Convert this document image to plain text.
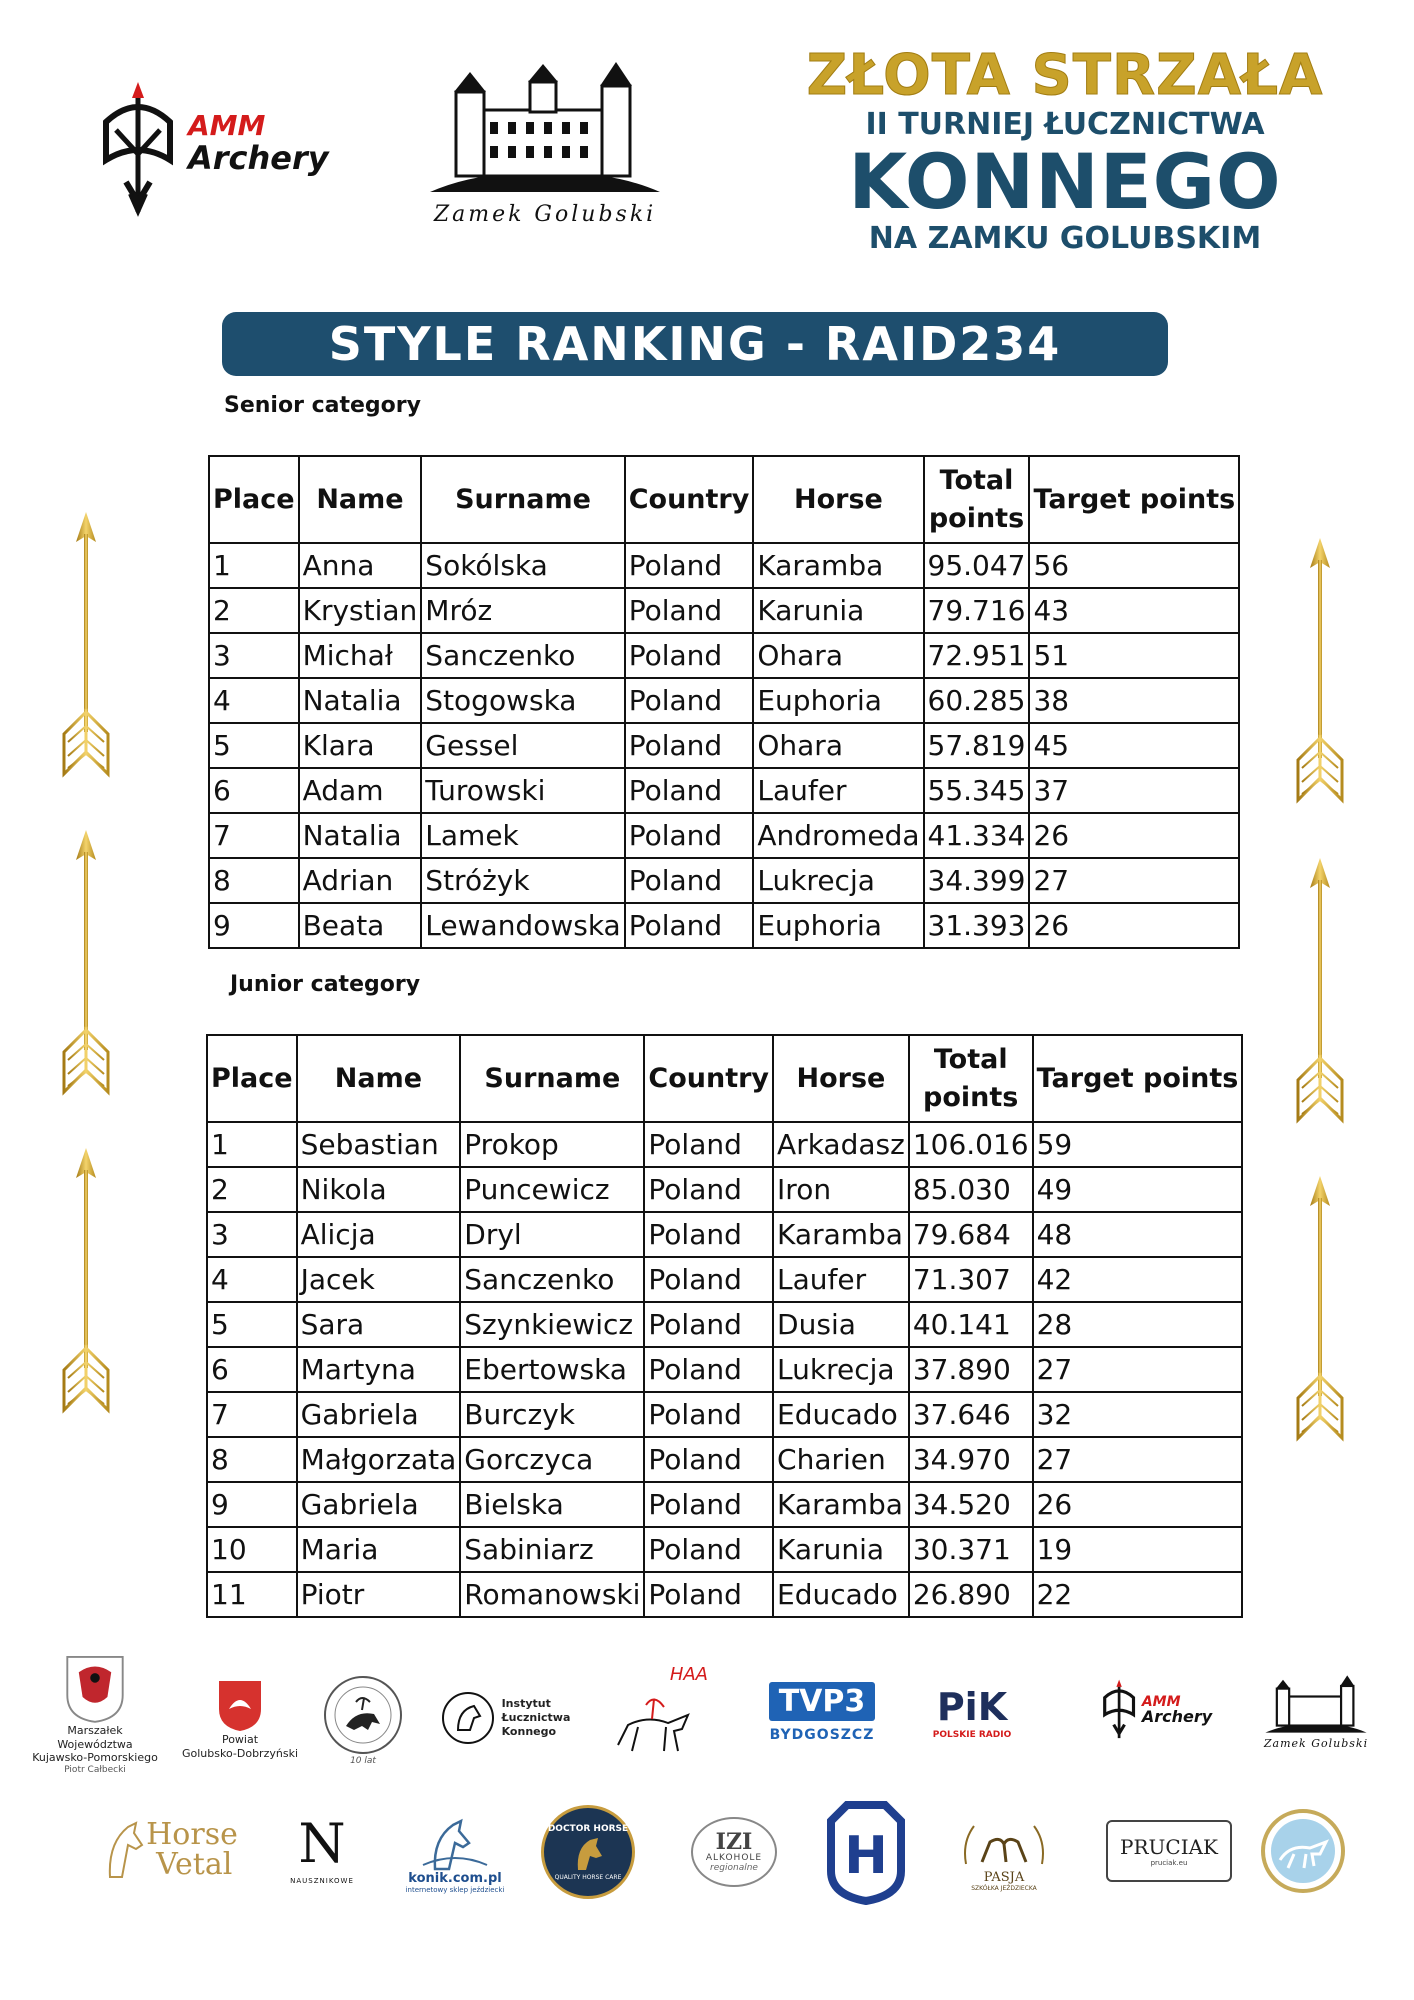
AMM
Archery
Zamek Golubski
ZŁOTA STRZAŁA
II TURNIEJ ŁUCZNICTWA
KONNEGO
NA ZAMKU GOLUBSKIM
STYLE RANKING - RAID234
Senior category
Place	Name	Surname	Country	Horse	Total points	Target points
1	Anna	Sokólska	Poland	Karamba	95.047	56
2	Krystian	Mróz	Poland	Karunia	79.716	43
3	Michał	Sanczenko	Poland	Ohara	72.951	51
4	Natalia	Stogowska	Poland	Euphoria	60.285	38
5	Klara	Gessel	Poland	Ohara	57.819	45
6	Adam	Turowski	Poland	Laufer	55.345	37
7	Natalia	Lamek	Poland	Andromeda	41.334	26
8	Adrian	Stróżyk	Poland	Lukrecja	34.399	27
9	Beata	Lewandowska	Poland	Euphoria	31.393	26
Junior category
Place	Name	Surname	Country	Horse	Total points	Target points
1	Sebastian	Prokop	Poland	Arkadasz	106.016	59
2	Nikola	Puncewicz	Poland	Iron	85.030	49
3	Alicja	Dryl	Poland	Karamba	79.684	48
4	Jacek	Sanczenko	Poland	Laufer	71.307	42
5	Sara	Szynkiewicz	Poland	Dusia	40.141	28
6	Martyna	Ebertowska	Poland	Lukrecja	37.890	27
7	Gabriela	Burczyk	Poland	Educado	37.646	32
8	Małgorzata	Gorczyca	Poland	Charien	34.970	27
9	Gabriela	Bielska	Poland	Karamba	34.520	26
10	Maria	Sabiniarz	Poland	Karunia	30.371	19
11	Piotr	Romanowski	Poland	Educado	26.890	22
Marszałek Województwa
Kujawsko-Pomorskiego
Piotr Całbecki
Powiat
Golubsko-Dobrzyński
10 lat
Instytut
Łucznictwa
Konnego
HAA
TVP3
BYDGOSZCZ
PiK
POLSKIE RADIO
AMM
Archery
Zamek Golubski
Horse
Vetal N
NAUSZNIKOWE	konik.com.pl
internetowy sklep jeździecki
DOCTOR HORSE
QUALITY HORSE CARE
IZI
ALKOHOLE
regionalne H	PASJA
SZKÓŁKA JEŹDZIECKA
PRUCIAK
pruciak.eu
